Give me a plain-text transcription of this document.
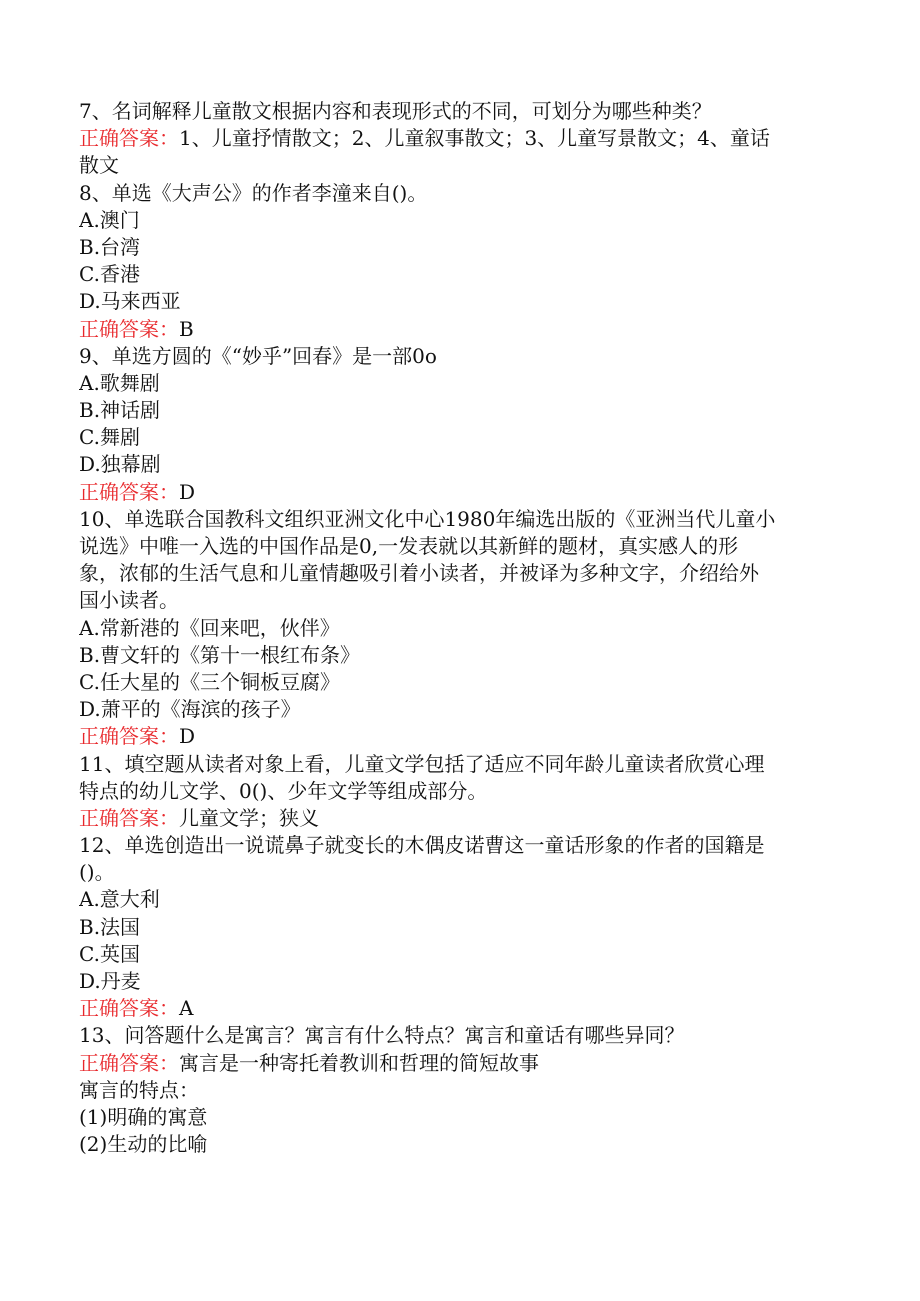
7、名词解释儿童散文根据内容和表现形式的不同，可划分为哪些种类？
正确答案：1、儿童抒情散文；2、儿童叙事散文；3、儿童写景散文；4、童话
散文
8、单选《大声公》的作者李潼来自()。
A.澳门
B.台湾
C.香港
D.马来西亚
正确答案：B
9、单选方圆的《“妙乎”回春》是一部0o
A.歌舞剧
B.神话剧
C.舞剧
D.独幕剧
正确答案：D
10、单选联合国教科文组织亚洲文化中心1980年编选出版的《亚洲当代儿童小
说选》中唯一入选的中国作品是0,一发表就以其新鲜的题材，真实感人的形
象，浓郁的生活气息和儿童情趣吸引着小读者，并被译为多种文字，介绍给外
国小读者。
A.常新港的《回来吧，伙伴》
B.曹文轩的《第十一根红布条》
C.任大星的《三个铜板豆腐》
D.萧平的《海滨的孩子》
正确答案：D
11、填空题从读者对象上看，儿童文学包括了适应不同年龄儿童读者欣赏心理
特点的幼儿文学、0()、少年文学等组成部分。
正确答案：儿童文学；狭义
12、单选创造出一说谎鼻子就变长的木偶皮诺曹这一童话形象的作者的国籍是
()。
A.意大利
B.法国
C.英国
D.丹麦
正确答案：A
13、问答题什么是寓言？寓言有什么特点？寓言和童话有哪些异同？
正确答案：寓言是一种寄托着教训和哲理的简短故事
寓言的特点：
(1)明确的寓意
(2)生动的比喻
